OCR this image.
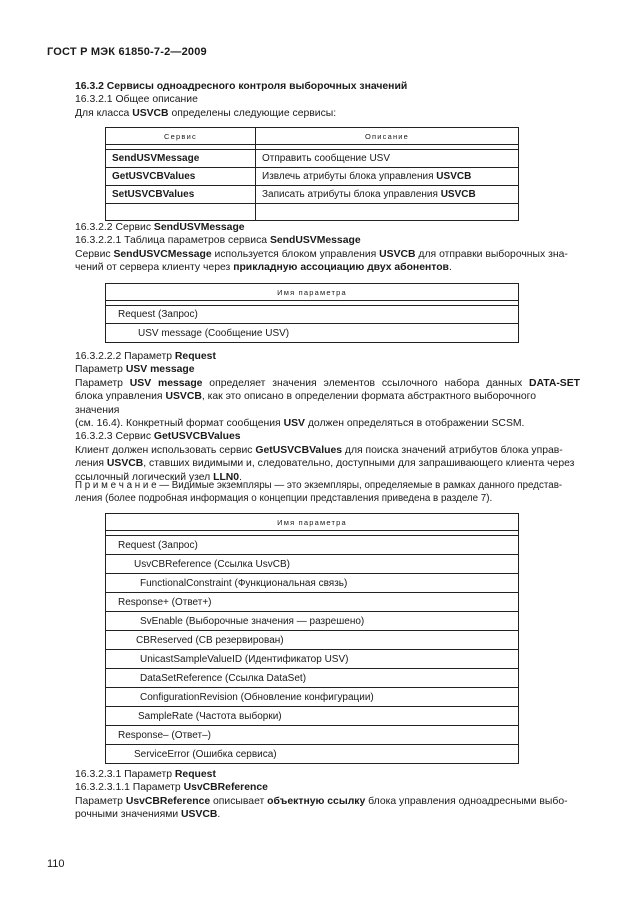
ГОСТ Р МЭК 61850-7-2—2009

16.3.2 Сервисы одноадресного контроля выборочных значений

16.3.2.1 Общее описание

Для класса USVCB определены следующие сервисы:

Сервис	Описание

SendUSVMessage	Отправить сообщение USV
GetUSVCBValues	Извлечь атрибуты блока управления USVCB
SetUSVCBValues	Записать атрибуты блока управления USVCB

16.3.2.2 Сервис SendUSVMessage

16.3.2.2.1 Таблица параметров сервиса SendUSVMessage

Сервис SendUSVCMessage используется блоком управления USVCB для отправки выборочных зна-

чений от сервера клиенту через прикладную ассоциацию двух абонентов.

Имя параметра

Request (Запрос)
USV message (Сообщение USV)

16.3.2.2.2 Параметр Request

Параметр USV message

Параметр USV message определяет значения элементов ссылочного набора данных DATA-SET

блока управления USVCB, как это описано в определении формата абстрактного выборочного значения

(см. 16.4). Конкретный формат сообщения USV должен определяться в отображении SCSM.

16.3.2.3 Сервис GetUSVCBValues

Клиент должен использовать сервис GetUSVCBValues для поиска значений атрибутов блока управ-

ления USVCB, ставших видимыми и, следовательно, доступными для запрашивающего клиента через

ссылочный логический узел LLN0.

П р и м е ч а н и е — Видимые экземпляры — это экземпляры, определяемые в рамках данного представ-

ления (более подробная информация о концепции представления приведена в разделе 7).

Имя параметра

Request (Запрос)
UsvCBReference (Ссылка UsvCB)
FunctionalConstraint (Функциональная связь)
Response+ (Ответ+)
SvEnable (Выборочные значения — разрешено)
CBReserved (CB резервирован)
UnicastSampleValueID (Идентификатор USV)
DataSetReference (Ссылка DataSet)
ConfigurationRevision (Обновление конфигурации)
SampleRate (Частота выборки)
Response– (Ответ–)
ServiceError (Ошибка сервиса)

16.3.2.3.1 Параметр Request

16.3.2.3.1.1 Параметр UsvCBReference

Параметр UsvCBReference описывает объектную ссылку блока управления одноадресными выбо-

рочными значениями USVCB.

110
